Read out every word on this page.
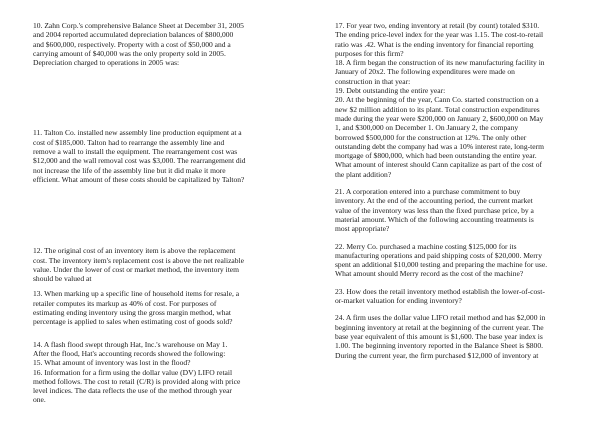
10. Zahn Corp.'s comprehensive Balance Sheet at December 31, 2005
and 2004 reported accumulated depreciation balances of $800,000
and $600,000, respectively. Property with a cost of $50,000 and a
carrying amount of $40,000 was the only property sold in 2005.
Depreciation charged to operations in 2005 was:

11. Talton Co. installed new assembly line production equipment at a
cost of $185,000. Talton had to rearrange the assembly line and
remove a wall to install the equipment. The rearrangement cost was
$12,000 and the wall removal cost was $3,000. The rearrangement did
not increase the life of the assembly line but it did make it more
efficient. What amount of these costs should be capitalized by Talton?

12. The original cost of an inventory item is above the replacement
cost. The inventory item's replacement cost is above the net realizable
value. Under the lower of cost or market method, the inventory item
should be valued at

13. When marking up a specific line of household items for resale, a
retailer computes its markup as 40% of cost. For purposes of
estimating ending inventory using the gross margin method, what
percentage is applied to sales when estimating cost of goods sold?

14. A flash flood swept through Hat, Inc.'s warehouse on May 1.
After the flood, Hat's accounting records showed the following:
15. What amount of inventory was lost in the flood?
16. Information for a firm using the dollar value (DV) LIFO retail
method follows. The cost to retail (C/R) is provided along with price
level indices. The data reflects the use of the method through year
one.

17. For year two, ending inventory at retail (by count) totaled $310.
The ending price-level index for the year was 1.15. The cost-to-retail
ratio was .42. What is the ending inventory for financial reporting
purposes for this firm?
18. A firm began the construction of its new manufacturing facility in
January of 20x2. The following expenditures were made on
construction in that year:
19. Debt outstanding the entire year:
20. At the beginning of the year, Cann Co. started construction on a
new $2 million addition to its plant. Total construction expenditures
made during the year were $200,000 on January 2, $600,000 on May
1, and $300,000 on December 1. On January 2, the company
borrowed $500,000 for the construction at 12%. The only other
outstanding debt the company had was a 10% interest rate, long-term
mortgage of $800,000, which had been outstanding the entire year.
What amount of interest should Cann capitalize as part of the cost of
the plant addition?

21. A corporation entered into a purchase commitment to buy
inventory. At the end of the accounting period, the current market
value of the inventory was less than the fixed purchase price, by a
material amount. Which of the following accounting treatments is
most appropriate?

22. Merry Co. purchased a machine costing $125,000 for its
manufacturing operations and paid shipping costs of $20,000. Merry
spent an additional $10,000 testing and preparing the machine for use.
What amount should Merry record as the cost of the machine?

23. How does the retail inventory method establish the lower-of-cost-
or-market valuation for ending inventory?

24. A firm uses the dollar value LIFO retail method and has $2,000 in
beginning inventory at retail at the beginning of the current year. The
base year equivalent of this amount is $1,600. The base year index is
1.00. The beginning inventory reported in the Balance Sheet is $800.
During the current year, the firm purchased $12,000 of inventory at
